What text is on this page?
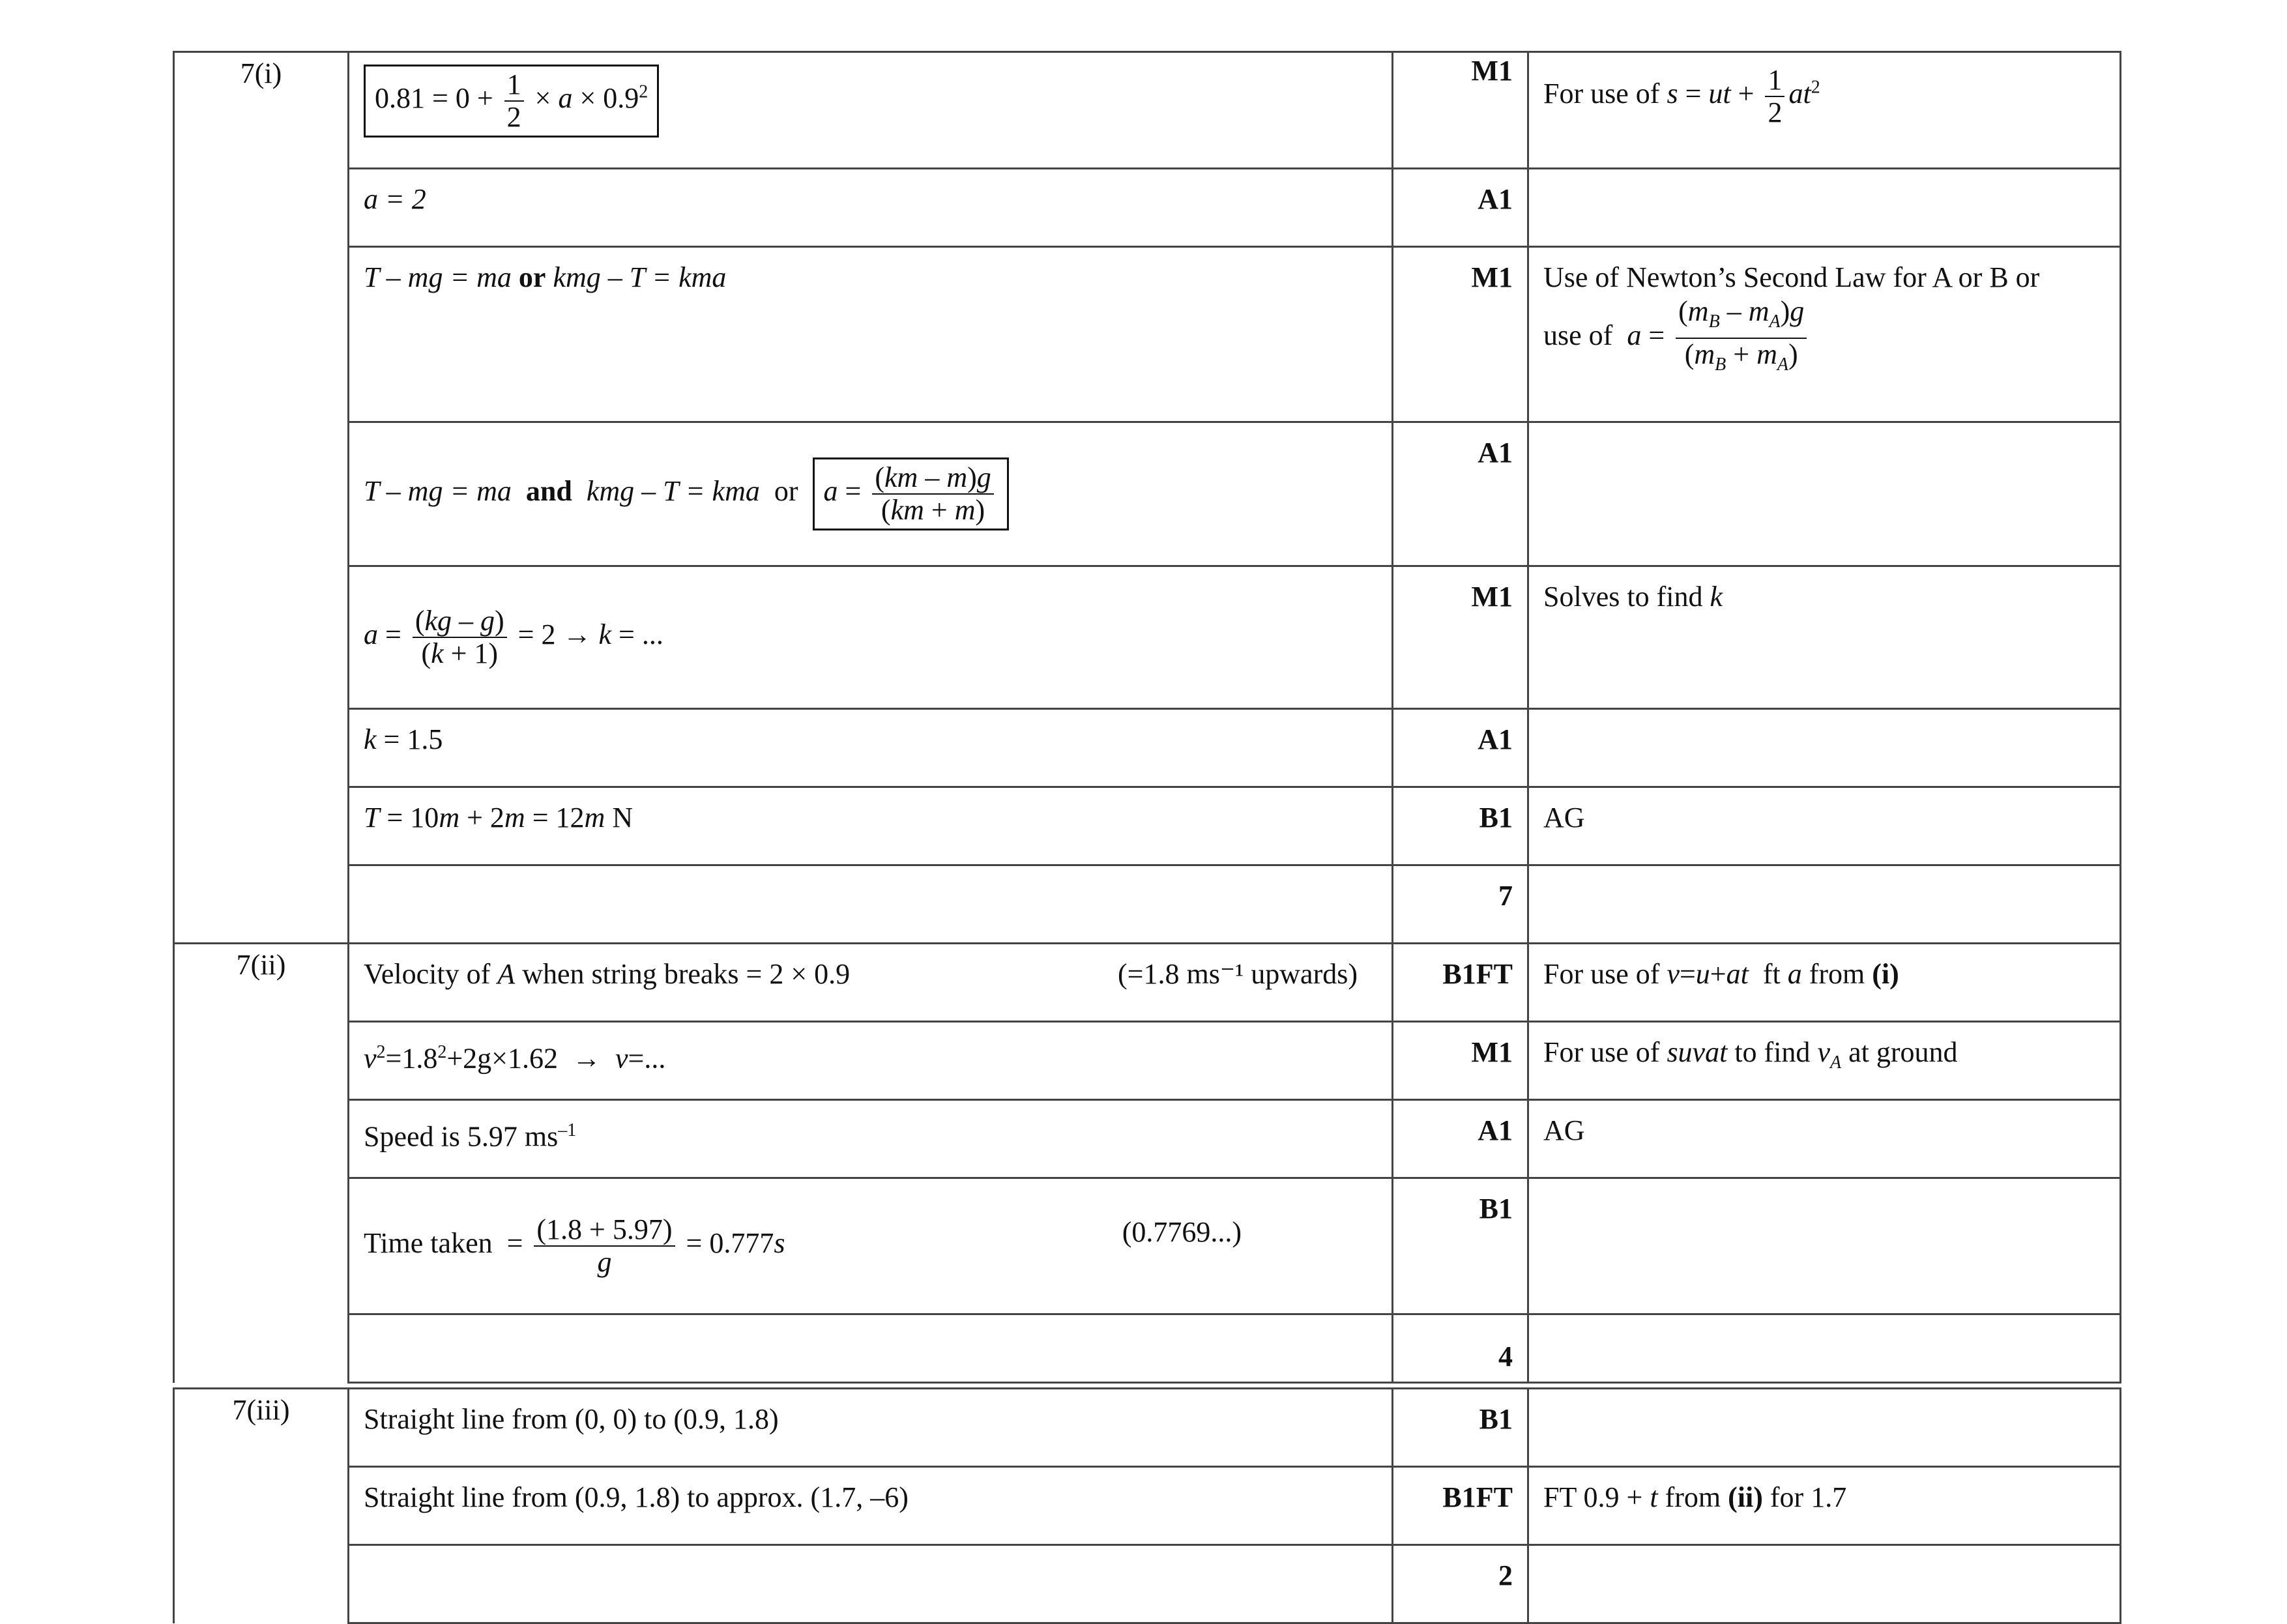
7(i)	$0.81 = 0 + \frac{1}{2} \times a \times 0.9^2$	M1	For use of s = ut + $\frac{1}{2} at^2$
	a = 2	A1	
	T – mg = ma or kmg – T = kma	M1	Use of Newton’s Second Law for A or B or
use of  $a = \frac{(m_B - m_A)g}{(m_B + m_A)}$

	T – mg = ma and kmg – T = kma or $a = \frac{(km - m)g}{(km + m)}$	A1	
	$a = \frac{(kg - g)}{(k + 1)} = 2 \to k$ = ...	M1	Solves to find k
	k = 1.5	A1	
	T = 10m + 2m = 12m N	B1	AG
		7	
7(ii)	Velocity of A when string breaks = 2 × 0.9 (=1.8 ms⁻¹ upwards)	B1FT	For use of v=u+at  ft a from (i)
	$v^2=1.8^2+2g\times 1.62 \to v=$...	M1	For use of suvat to find $v_A$ at ground
	Speed is 5.97 $ms^{-1}$	A1	AG
	Time taken  = $\frac{(1.8 + 5.97)}{g} = 0.777s$ (0.7769...)	B1	
		4	

7(iii)	Straight line from (0, 0) to (0.9, 1.8)	B1	
	Straight line from (0.9, 1.8) to approx. (1.7, –6)	B1FT	FT 0.9 + t from (ii) for 1.7
		2	
